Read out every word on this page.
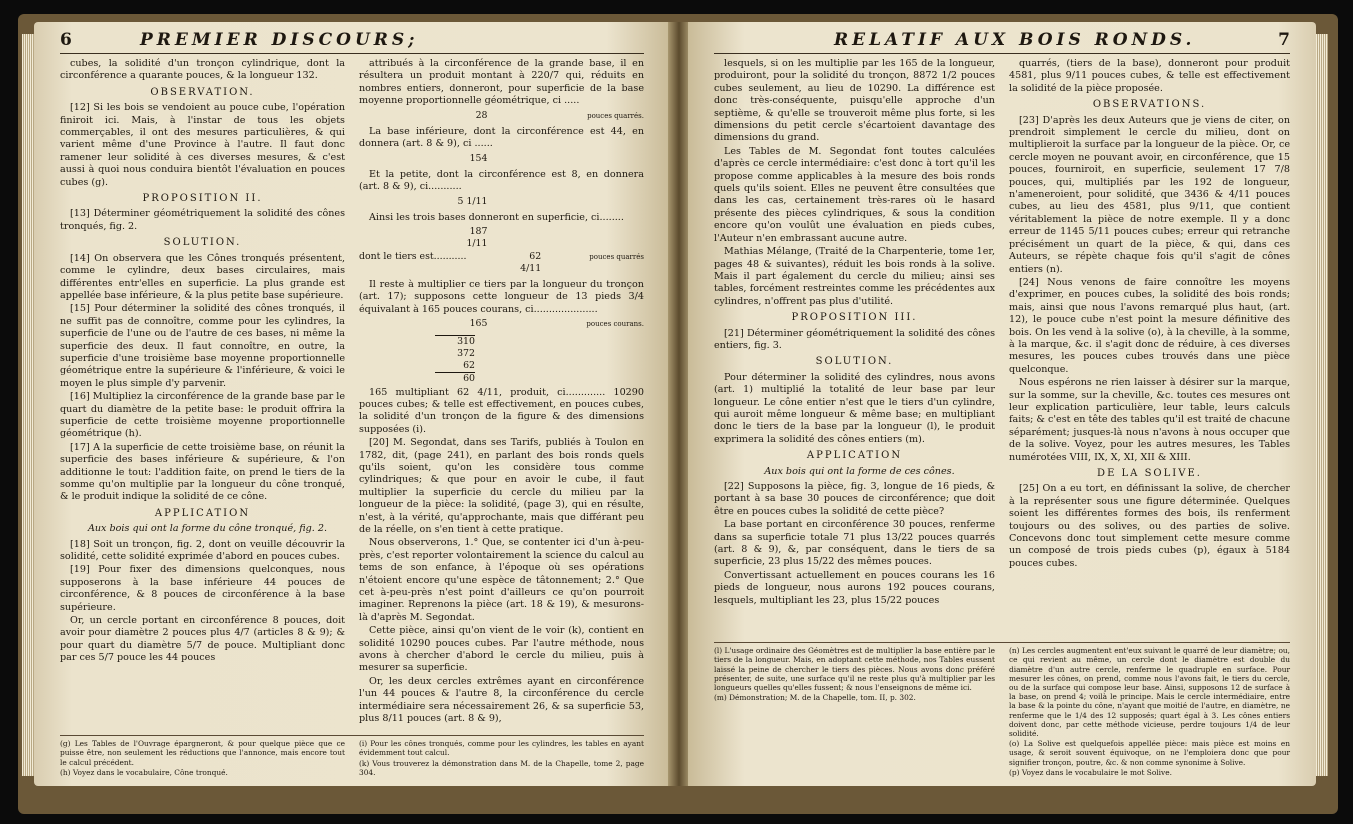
6	PREMIER DISCOURS;

cubes, la solidité d'un tronçon cylindrique, dont la circonférence a quarante pouces, & la longueur 132.

OBSERVATION.

[12] Si les bois se vendoient au pouce cube, l'opération finiroit ici. Mais, à l'instar de tous les objets commerçables, il ont des mesures particulières, & qui varient même d'une Province à l'autre. Il faut donc ramener leur solidité à ces diverses mesures, & c'est aussi à quoi nous conduira bientôt l'évaluation en pouces cubes (g).

PROPOSITION II.

[13] Déterminer géométriquement la solidité des cônes tronqués, fig. 2.

SOLUTION.

[14] On observera que les Cônes tronqués présentent, comme le cylindre, deux bases circulaires, mais différentes entr'elles en superficie. La plus grande est appellée base inférieure, & la plus petite base supérieure.

[15] Pour déterminer la solidité des cônes tronqués, il ne suffit pas de connoître, comme pour les cylindres, la superficie de l'une ou de l'autre de ces bases, ni même la superficie des deux. Il faut connoître, en outre, la superficie d'une troisième base moyenne proportionnelle géométrique entre la supérieure & l'inférieure, & voici le moyen le plus simple d'y parvenir.

[16] Multipliez la circonférence de la grande base par le quart du diamètre de la petite base: le produit offrira la superficie de cette troisième moyenne proportionnelle géométrique (h).

[17] A la superficie de cette troisième base, on réunit la superficie des bases inférieure & supérieure, & l'on additionne le tout: l'addition faite, on prend le tiers de la somme qu'on multiplie par la longueur du cône tronqué, & le produit indique la solidité de ce cône.

APPLICATION

Aux bois qui ont la forme du cône tronqué, fig. 2.

[18] Soit un tronçon, fig. 2, dont on veuille découvrir la solidité, cette solidité exprimée d'abord en pouces cubes.

[19] Pour fixer des dimensions quelconques, nous supposerons à la base inférieure 44 pouces de circonférence, & 8 pouces de circonférence à la base supérieure.

Or, un cercle portant en circonférence 8 pouces, doit avoir pour diamètre 2 pouces plus 4/7 (articles 8 & 9); & pour quart du diamètre 5/7 de pouce. Multipliant donc par ces 5/7 pouce les 44 pouces

attribués à la circonférence de la grande base, il en résultera un produit montant à 220/7 qui, réduits en nombres entiers, donneront, pour superficie de la base moyenne proportionnelle géométrique, ci .....

28	pouces quarrés.

La base inférieure, dont la circonférence est 44, en donnera (art. 8 & 9), ci ......

154

Et la petite, dont la circonférence est 8, en donnera (art. 8 & 9), ci...........

5 1/11

Ainsi les trois bases donneront en superficie, ci........

187 1/11
dont le tiers est...........	62 4/11
pouces quarrés

Il reste à multiplier ce tiers par la longueur du tronçon (art. 17); supposons cette longueur de 13 pieds 3/4 équivalant à 165 pouces courans, ci.....................

165	pouces courans.
310
372
62
60

165 multipliant 62 4/11, produit, ci............. 10290 pouces cubes; & telle est effectivement, en pouces cubes, la solidité d'un tronçon de la figure & des dimensions supposées (i).

[20] M. Segondat, dans ses Tarifs, publiés à Toulon en 1782, dit, (page 241), en parlant des bois ronds quels qu'ils soient, qu'on les considère tous comme cylindriques; & que pour en avoir le cube, il faut multiplier la superficie du cercle du milieu par la longueur de la pièce: la solidité, (page 3), qui en résulte, n'est, à la vérité, qu'approchante, mais que différant peu de la réelle, on s'en tient à cette pratique.

Nous observerons, 1.° Que, se contenter ici d'un à-peu-près, c'est reporter volontairement la science du calcul au tems de son enfance, à l'époque où ses opérations n'étoient encore qu'une espèce de tâtonnement; 2.° Que cet à-peu-près n'est point d'ailleurs ce qu'on pourroit imaginer. Reprenons la pièce (art. 18 & 19), & mesurons-là d'après M. Segondat.

Cette pièce, ainsi qu'on vient de le voir (k), contient en solidité 10290 pouces cubes. Par l'autre méthode, nous avons à chercher d'abord le cercle du milieu, puis à mesurer sa superficie.

Or, les deux cercles extrêmes ayant en circonférence l'un 44 pouces & l'autre 8, la circonférence du cercle intermédiaire sera nécessairement 26, & sa superficie 53, plus 8/11 pouces (art. 8 & 9),

(g) Les Tables de l'Ouvrage épargneront, & pour quelque pièce que ce puisse être, non seulement les réductions que l'annonce, mais encore tout le calcul précédent.

(h) Voyez dans le vocabulaire, Cône tronqué.

(i) Pour les cônes tronqués, comme pour les cylindres, les tables en ayant évidemment tout calcul.

(k) Vous trouverez la démonstration dans M. de la Chapelle, tome 2, page 304.

RELATIF AUX BOIS RONDS.	7

lesquels, si on les multiplie par les 165 de la longueur, produiront, pour la solidité du tronçon, 8872 1/2 pouces cubes seulement, au lieu de 10290. La différence est donc très-conséquente, puisqu'elle approche d'un septième, & qu'elle se trouveroit même plus forte, si les dimensions du petit cercle s'écartoient davantage des dimensions du grand.

Les Tables de M. Segondat font toutes calculées d'après ce cercle intermédiaire: c'est donc à tort qu'il les propose comme applicables à la mesure des bois ronds quels qu'ils soient. Elles ne peuvent être consultées que dans les cas, certainement très-rares où le hasard présente des pièces cylindriques, & sous la condition encore qu'on voulût une évaluation en pieds cubes, l'Auteur n'en embrassant aucune autre.

Mathias Mélange, (Traité de la Charpenterie, tome 1er, pages 48 & suivantes), réduit les bois ronds à la solive. Mais il part également du cercle du milieu; ainsi ses tables, forcément restreintes comme les précédentes aux cylindres, n'offrent pas plus d'utilité.

PROPOSITION III.

[21] Déterminer géométriquement la solidité des cônes entiers, fig. 3.

SOLUTION.

Pour déterminer la solidité des cylindres, nous avons (art. 1) multiplié la totalité de leur base par leur longueur. Le cône entier n'est que le tiers d'un cylindre, qui auroit même longueur & même base; en multipliant donc le tiers de la base par la longueur (l), le produit exprimera la solidité des cônes entiers (m).

APPLICATION

Aux bois qui ont la forme de ces cônes.

[22] Supposons la pièce, fig. 3, longue de 16 pieds, & portant à sa base 30 pouces de circonférence; que doit être en pouces cubes la solidité de cette pièce?

La base portant en circonférence 30 pouces, renferme dans sa superficie totale 71 plus 13/22 pouces quarrés (art. 8 & 9), &, par conséquent, dans le tiers de sa superficie, 23 plus 15/22 des mêmes pouces.

Convertissant actuellement en pouces courans les 16 pieds de longueur, nous aurons 192 pouces courans, lesquels, multipliant les 23, plus 15/22 pouces

quarrés, (tiers de la base), donneront pour produit 4581, plus 9/11 pouces cubes, & telle est effectivement la solidité de la pièce proposée.

OBSERVATIONS.

[23] D'après les deux Auteurs que je viens de citer, on prendroit simplement le cercle du milieu, dont on multiplieroit la surface par la longueur de la pièce. Or, ce cercle moyen ne pouvant avoir, en circonférence, que 15 pouces, fourniroit, en superficie, seulement 17 7/8 pouces, qui, multipliés par les 192 de longueur, n'ameneroient, pour solidité, que 3436 & 4/11 pouces cubes, au lieu des 4581, plus 9/11, que contient véritablement la pièce de notre exemple. Il y a donc erreur de 1145 5/11 pouces cubes; erreur qui retranche précisément un quart de la pièce, & qui, dans ces Auteurs, se répète chaque fois qu'il s'agit de cônes entiers (n).

[24] Nous venons de faire connoître les moyens d'exprimer, en pouces cubes, la solidité des bois ronds; mais, ainsi que nous l'avons remarqué plus haut, (art. 12), le pouce cube n'est point la mesure définitive des bois. On les vend à la solive (o), à la cheville, à la somme, à la marque, &c. il s'agit donc de réduire, à ces diverses mesures, les pouces cubes trouvés dans une pièce quelconque.

Nous espérons ne rien laisser à désirer sur la marque, sur la somme, sur la cheville, &c. toutes ces mesures ont leur explication particulière, leur table, leurs calculs faits; & c'est en tête des tables qu'il est traité de chacune séparément; jusques-là nous n'avons à nous occuper que de la solive. Voyez, pour les autres mesures, les Tables numérotées VIII, IX, X, XI, XII & XIII.

DE LA SOLIVE.

[25] On a eu tort, en définissant la solive, de chercher à la représenter sous une figure déterminée. Quelques soient les différentes formes des bois, ils renferment toujours ou des solives, ou des parties de solive. Concevons donc tout simplement cette mesure comme un composé de trois pieds cubes (p), égaux à 5184 pouces cubes.

(l) L'usage ordinaire des Géomètres est de multiplier la base entière par le tiers de la longueur. Mais, en adoptant cette méthode, nos Tables eussent laissé la peine de chercher le tiers des pièces. Nous avons donc préféré présenter, de suite, une surface qu'il ne reste plus qu'à multiplier par les longueurs quelles qu'elles fussent; & nous l'enseignons de même ici.

(m) Démonstration; M. de la Chapelle, tom. II, p. 302.

(n) Les cercles augmentent ent'eux suivant le quarré de leur diamètre; ou, ce qui revient au même, un cercle dont le diamètre est double du diamètre d'un autre cercle, renferme le quadruple en surface. Pour mesurer les cônes, on prend, comme nous l'avons fait, le tiers du cercle, ou de la surface qui compose leur base. Ainsi, supposons 12 de surface à la base, on prend 4; voilà le principe. Mais le cercle intermédiaire, entre la base & la pointe du cône, n'ayant que moitié de l'autre, en diamètre, ne renferme que le 1/4 des 12 supposés; quart égal à 3. Les cônes entiers doivent donc, par cette méthode vicieuse, perdre toujours 1/4 de leur solidité.

(o) La Solive est quelquefois appellée pièce: mais pièce est moins en usage, & seroit souvent équivoque, on ne l'emploiera donc que pour signifier tronçon, poutre, &c. & non comme synonime à Solive.

(p) Voyez dans le vocabulaire le mot Solive.
